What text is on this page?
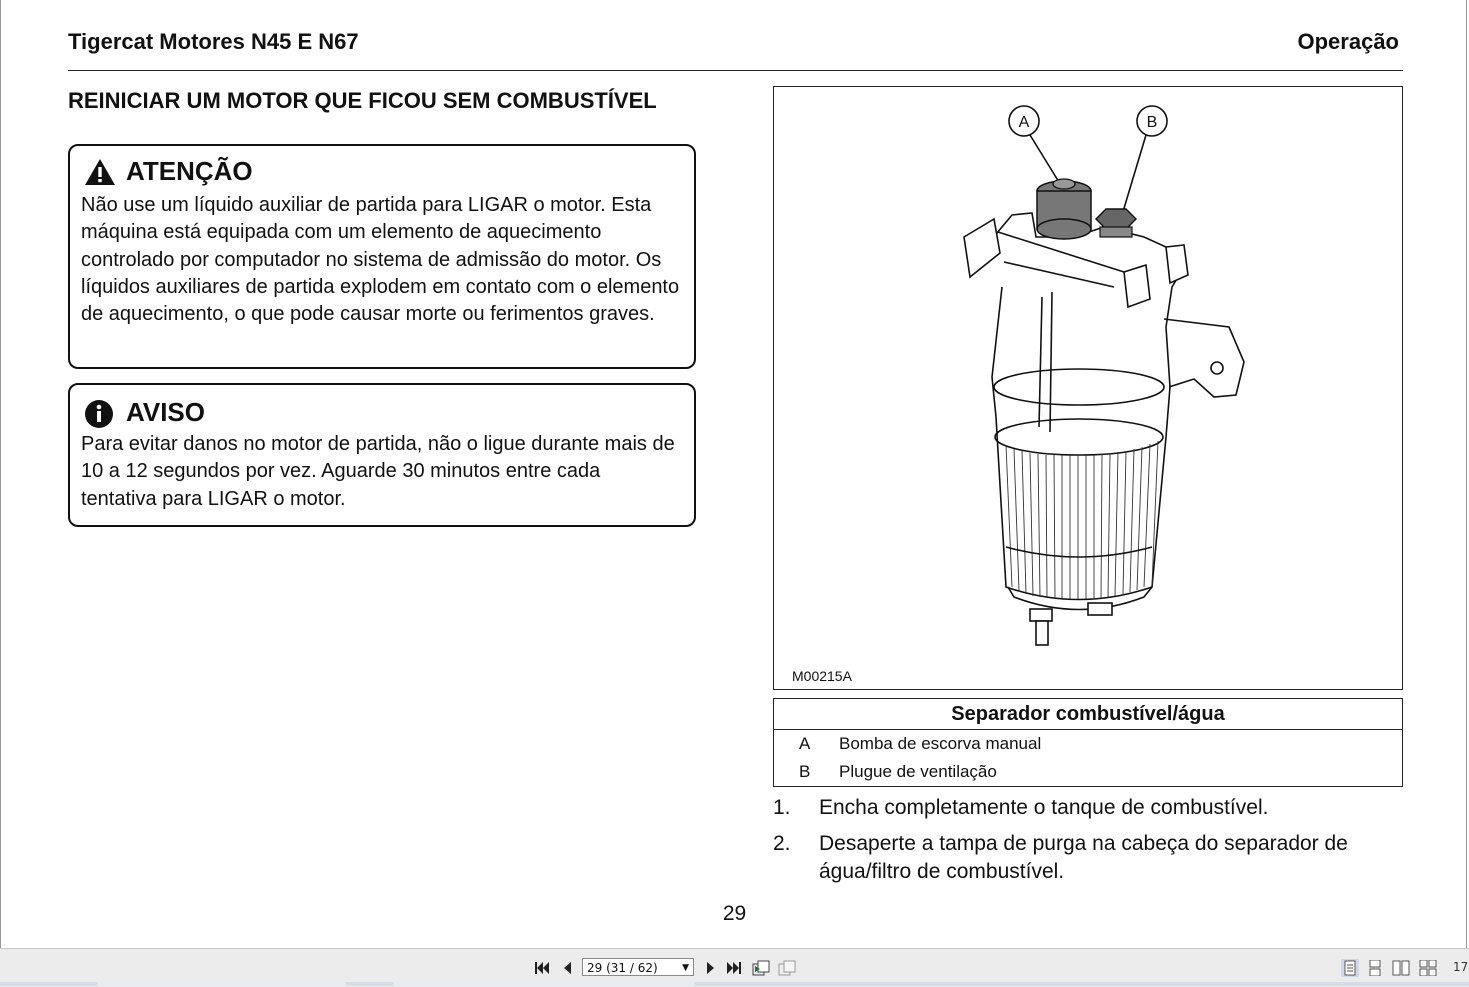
Tigercat Motores N45 E N67	Operação
REINICIAR UM MOTOR QUE FICOU SEM COMBUSTÍVEL
ATENÇÃO
Não use um líquido auxiliar de partida para LIGAR o motor. Esta máquina está equipada com um elemento de aquecimento controlado por computador no sistema de admissão do motor. Os líquidos auxiliares de partida explodem em contato com o elemento de aquecimento, o que pode causar morte ou ferimentos graves.
AVISO
Para evitar danos no motor de partida, não o ligue durante mais de 10 a 12 segundos por vez. Aguarde 30 minutos entre cada tentativa para LIGAR o motor.
A	B
M00215A
Separador combustível/água
A Bomba de escorva manual
B Plugue de ventilação
1. Encha completamente o tanque de combustível.
2. Desaperte a tampa de purga na cabeça do separador de água/filtro de combustível.
29
29 (31 / 62)	▼	17
